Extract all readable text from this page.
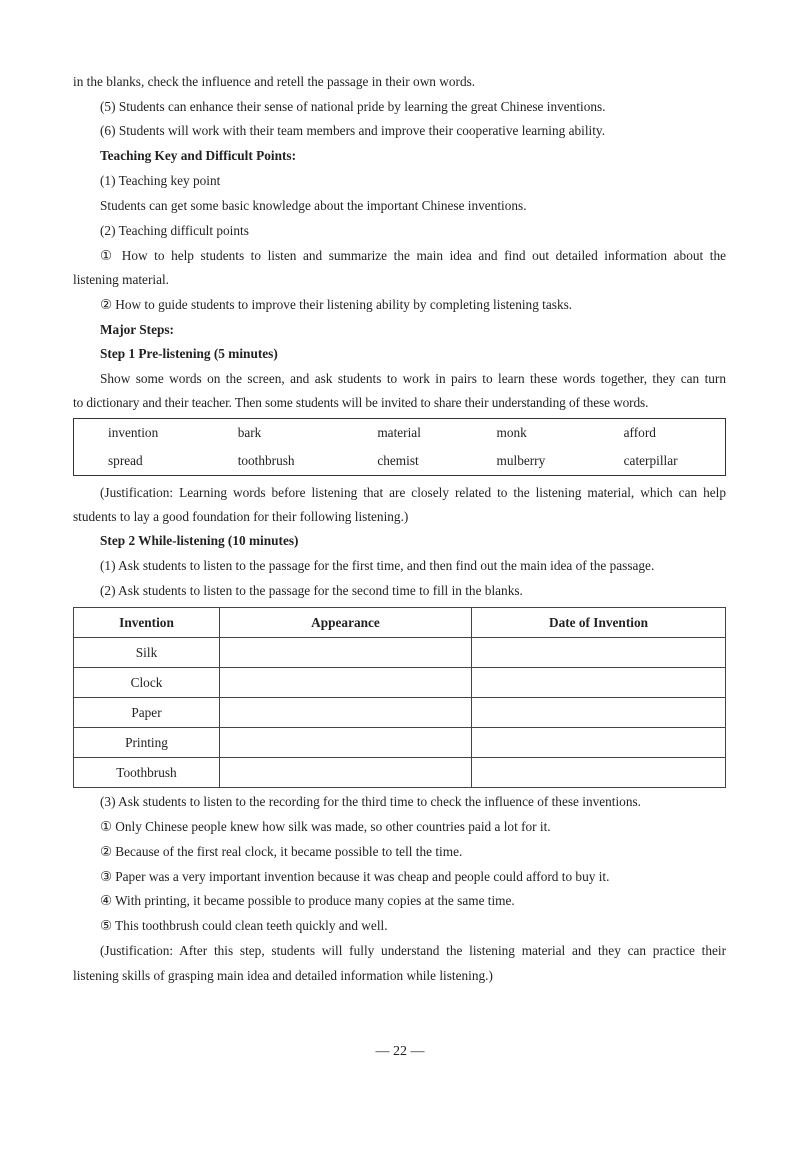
in the blanks, check the influence and retell the passage in their own words.
(5) Students can enhance their sense of national pride by learning the great Chinese inventions.
(6) Students will work with their team members and improve their cooperative learning ability.
Teaching Key and Difficult Points:
(1) Teaching key point
Students can get some basic knowledge about the important Chinese inventions.
(2) Teaching difficult points
① How to help students to listen and summarize the main idea and find out detailed information about the
listening material.
② How to guide students to improve their listening ability by completing listening tasks.
Major Steps:
Step 1 Pre-listening (5 minutes)
Show some words on the screen, and ask students to work in pairs to learn these words together, they can turn
to dictionary and their teacher. Then some students will be invited to share their understanding of these words.
invention	bark	material	monk	afford
spread	toothbrush	chemist	mulberry	caterpillar
(Justification: Learning words before listening that are closely related to the listening material, which can help
students to lay a good foundation for their following listening.)
Step 2 While-listening (10 minutes)
(1) Ask students to listen to the passage for the first time, and then find out the main idea of the passage.
(2) Ask students to listen to the passage for the second time to fill in the blanks.
Invention	Appearance	Date of Invention
Silk		
Clock		
Paper		
Printing		
Toothbrush		
(3) Ask students to listen to the recording for the third time to check the influence of these inventions.
① Only Chinese people knew how silk was made, so other countries paid a lot for it.
② Because of the first real clock, it became possible to tell the time.
③ Paper was a very important invention because it was cheap and people could afford to buy it.
④ With printing, it became possible to produce many copies at the same time.
⑤ This toothbrush could clean teeth quickly and well.
(Justification: After this step, students will fully understand the listening material and they can practice their
listening skills of grasping main idea and detailed information while listening.)
— 22 —
